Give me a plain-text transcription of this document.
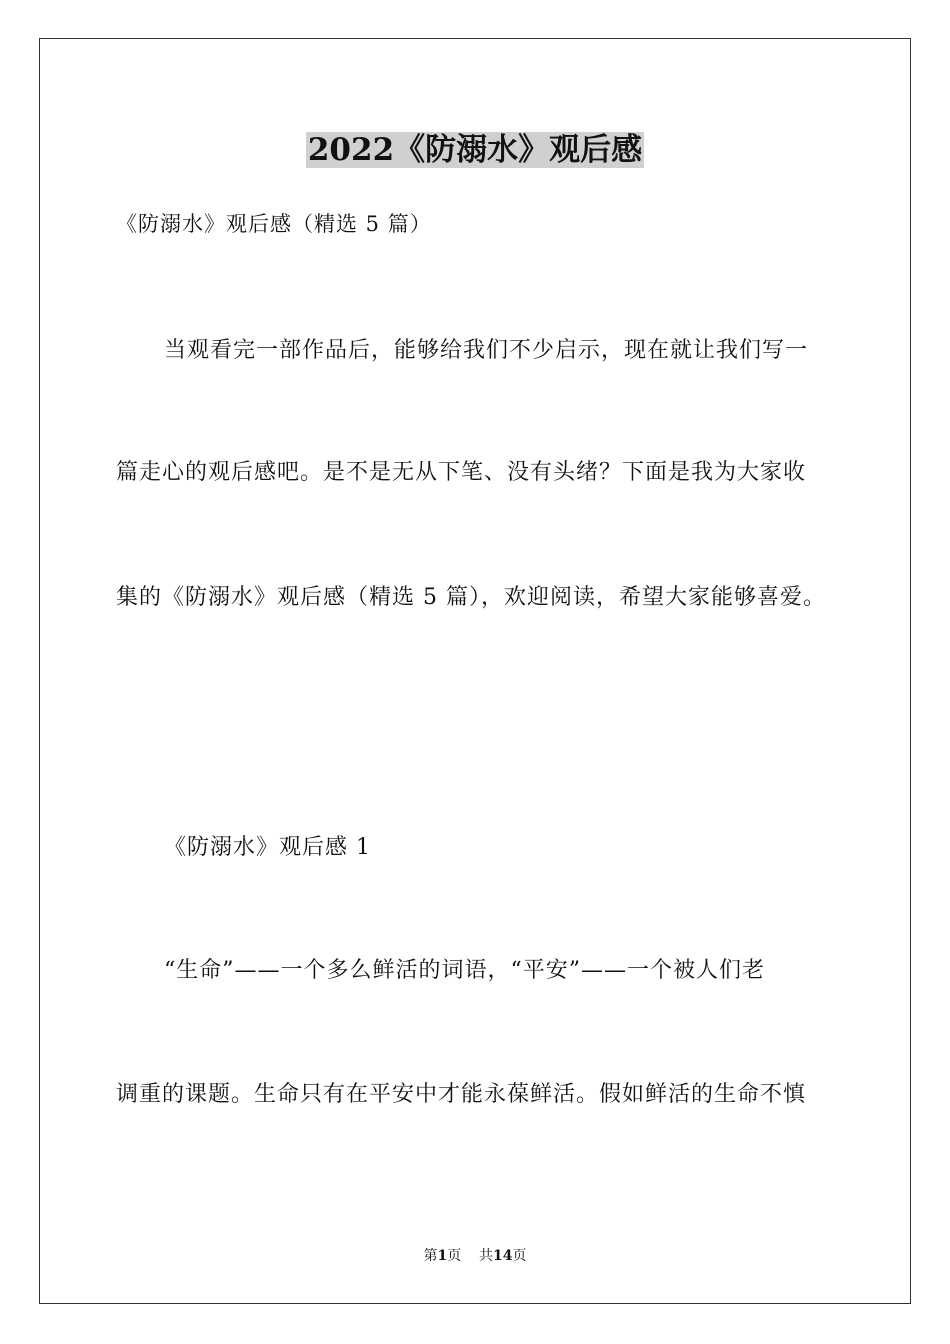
2022《防溺水》观后感

《防溺水》观后感（精选 5 篇）

当观看完一部作品后，能够给我们不少启示，现在就让我们写一

篇走心的观后感吧。是不是无从下笔、没有头绪？下面是我为大家收

集的《防溺水》观后感（精选 5 篇），欢迎阅读，希望大家能够喜爱。

《防溺水》观后感 1

“生命”——一个多么鲜活的词语，“平安”——一个被人们老

调重的课题。生命只有在平安中才能永葆鲜活。假如鲜活的生命不慎

第1页 共14页
